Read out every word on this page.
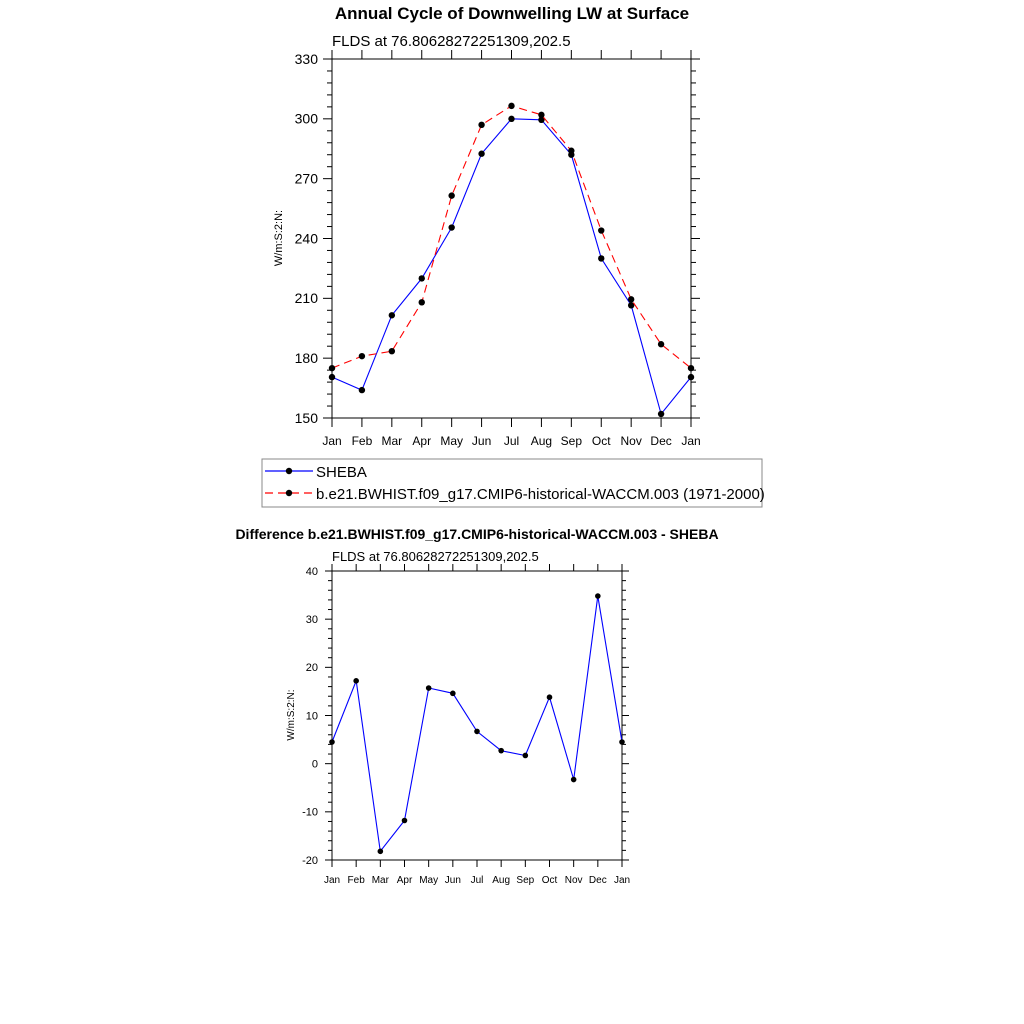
Annual Cycle of Downwelling LW at Surface
FLDS at 76.80628272251309,202.5
W/m:S:2:N:
Jan Feb Mar Apr May Jun Jul Aug Sep Oct Nov Dec Jan
150
180
210
240
270
300
330
SHEBA
b.e21.BWHIST.f09_g17.CMIP6-historical-WACCM.003 (1971-2000)
Difference b.e21.BWHIST.f09_g17.CMIP6-historical-WACCM.003 - SHEBA
FLDS at 76.80628272251309,202.5
W/m:S:2:N:
Jan Feb Mar Apr May Jun Jul Aug Sep Oct Nov Dec Jan
-20
-10
0
10
20
30
40
